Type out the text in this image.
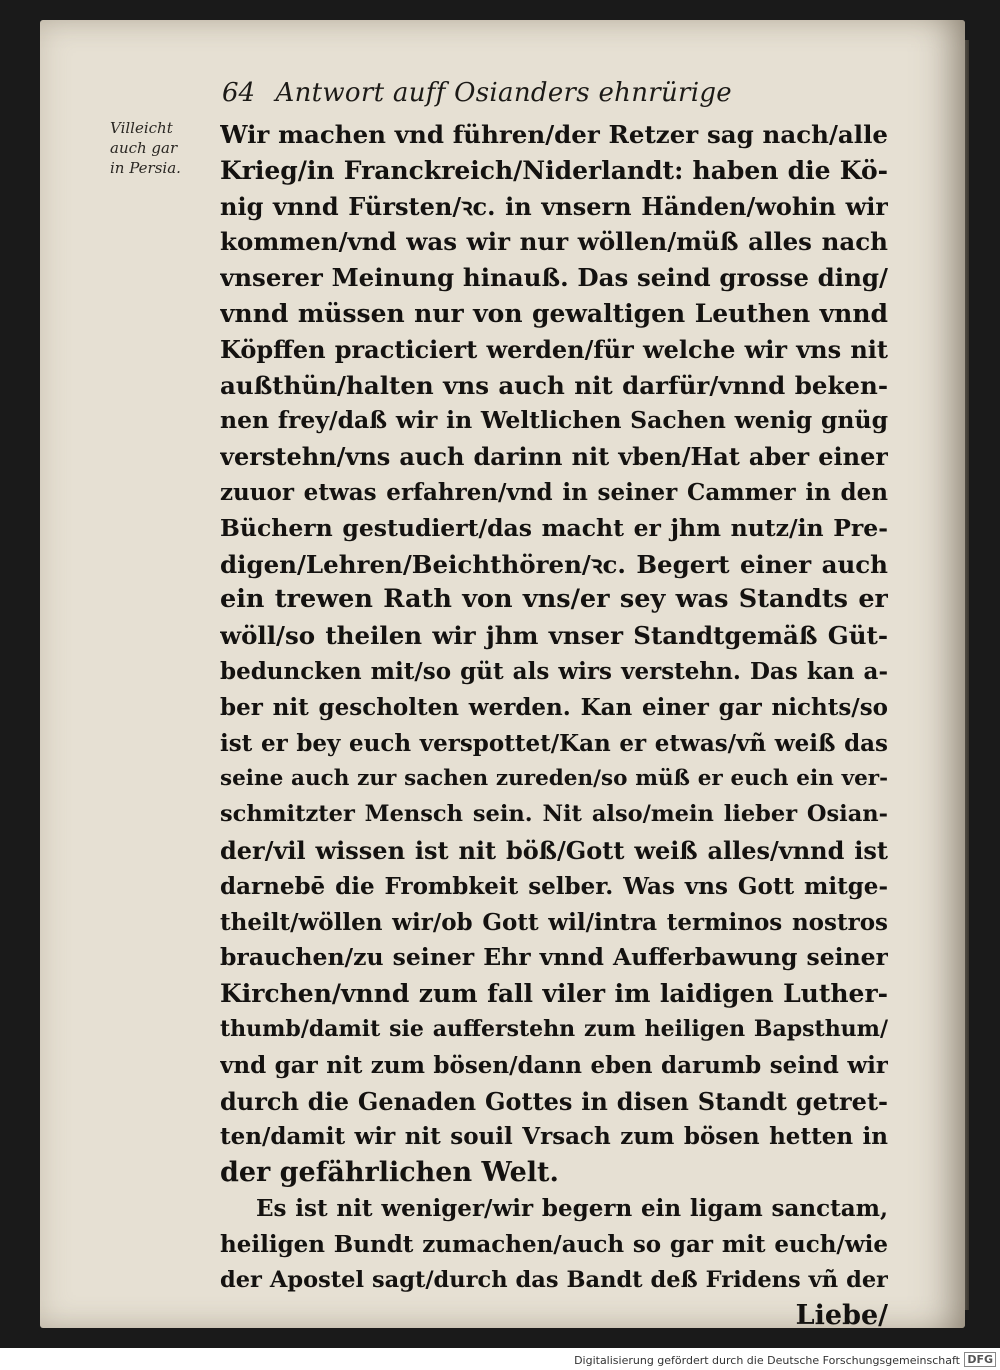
64 Antwort auff Osianders ehnrürige
Villeicht
auch gar
in Persia.
Wir machen vnd führen/der Retzer sag nach/alle
Krieg/in Franckreich/Niderlandt: haben die Kö-
nig vnnd Fürsten/ꝛc. in vnsern Händen/wohin wir
kommen/vnd was wir nur wöllen/müß alles nach
vnserer Meinung hinauß. Das seind grosse ding/
vnnd müssen nur von gewaltigen Leuthen vnnd
Köpffen practiciert werden/für welche wir vns nit
außthün/halten vns auch nit darfür/vnnd beken-
nen frey/daß wir in Weltlichen Sachen wenig gnüg
verstehn/vns auch darinn nit vben/Hat aber einer
zuuor etwas erfahren/vnd in seiner Cammer in den
Büchern gestudiert/das macht er jhm nutz/in Pre-
digen/Lehren/Beichthören/ꝛc. Begert einer auch
ein trewen Rath von vns/er sey was Standts er
wöll/so theilen wir jhm vnser Standtgemäß Güt-
beduncken mit/so güt als wirs verstehn. Das kan a-
ber nit gescholten werden. Kan einer gar nichts/so
ist er bey euch verspottet/Kan er etwas/vñ weiß das
seine auch zur sachen zureden/so müß er euch ein ver-
schmitzter Mensch sein. Nit also/mein lieber Osian-
der/vil wissen ist nit böß/Gott weiß alles/vnnd ist
darnebē die Frombkeit selber. Was vns Gott mitge-
theilt/wöllen wir/ob Gott wil/intra terminos nostros
brauchen/zu seiner Ehr vnnd Aufferbawung seiner
Kirchen/vnnd zum fall viler im laidigen Luther-
thumb/damit sie aufferstehn zum heiligen Bapsthum/
vnd gar nit zum bösen/dann eben darumb seind wir
durch die Genaden Gottes in disen Standt getret-
ten/damit wir nit souil Vrsach zum bösen hetten in
der gefährlichen Welt.
Es ist nit weniger/wir begern ein ligam sanctam,
heiligen Bundt zumachen/auch so gar mit euch/wie
der Apostel sagt/durch das Bandt deß Fridens vñ der
Liebe/
Digitalisierung gefördert durch die Deutsche Forschungsgemeinschaft DFG
